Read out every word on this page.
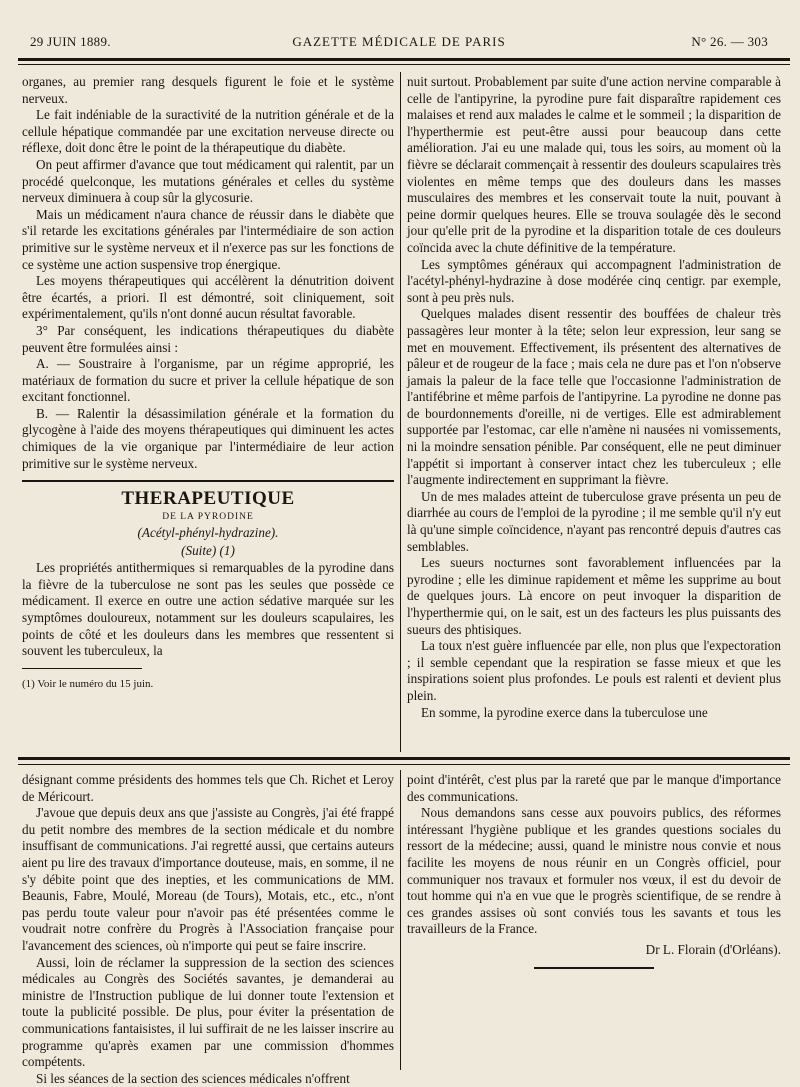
29 JUIN 1889.	GAZETTE MÉDICALE DE PARIS	N° 26. — 303

organes, au premier rang desquels figurent le foie et le système nerveux.

Le fait indéniable de la suractivité de la nutrition générale et de la cellule hépatique commandée par une excitation nerveuse directe ou réflexe, doit donc être le point de la thérapeutique du diabète.

On peut affirmer d'avance que tout médicament qui ralentit, par un procédé quelconque, les mutations générales et celles du système nerveux diminuera à coup sûr la glycosurie.

Mais un médicament n'aura chance de réussir dans le diabète que s'il retarde les excitations générales par l'intermédiaire de son action primitive sur le système nerveux et il n'exerce pas sur les fonctions de ce système une action suspensive trop énergique.

Les moyens thérapeutiques qui accélèrent la dénutrition doivent être écartés, a priori. Il est démontré, soit cliniquement, soit expérimentalement, qu'ils n'ont donné aucun résultat favorable.

3° Par conséquent, les indications thérapeutiques du diabète peuvent être formulées ainsi :

A. — Soustraire à l'organisme, par un régime approprié, les matériaux de formation du sucre et priver la cellule hépatique de son excitant fonctionnel.

B. — Ralentir la désassimilation générale et la formation du glycogène à l'aide des moyens thérapeutiques qui diminuent les actes chimiques de la vie organique par l'intermédiaire de leur action primitive sur le système nerveux.

THERAPEUTIQUE
DE LA PYRODINE
(Acétyl-phényl-hydrazine).
(Suite) (1)

Les propriétés antithermiques si remarquables de la pyrodine dans la fièvre de la tuberculose ne sont pas les seules que possède ce médicament. Il exerce en outre une action sédative marquée sur les symptômes douloureux, notamment sur les douleurs scapulaires, les points de côté et les douleurs dans les membres que ressentent si souvent les tuberculeux, la

(1) Voir le numéro du 15 juin.

nuit surtout. Probablement par suite d'une action nervine comparable à celle de l'antipyrine, la pyrodine pure fait disparaître rapidement ces malaises et rend aux malades le calme et le sommeil ; la disparition de l'hyperthermie est peut-être aussi pour beaucoup dans cette amélioration. J'ai eu une malade qui, tous les soirs, au moment où la fièvre se déclarait commençait à ressentir des douleurs scapulaires très violentes en même temps que des douleurs dans les masses musculaires des membres et les conservait toute la nuit, pouvant à peine dormir quelques heures. Elle se trouva soulagée dès le second jour qu'elle prit de la pyrodine et la disparition totale de ces douleurs coïncida avec la chute définitive de la température.

Les symptômes généraux qui accompagnent l'administration de l'acétyl-phényl-hydrazine à dose modérée cinq centigr. par exemple, sont à peu près nuls.

Quelques malades disent ressentir des bouffées de chaleur très passagères leur monter à la tête; selon leur expression, leur sang se met en mouvement. Effectivement, ils présentent des alternatives de pâleur et de rougeur de la face ; mais cela ne dure pas et l'on n'observe jamais la paleur de la face telle que l'occasionne l'administration de l'antifébrine et même parfois de l'antipyrine. La pyrodine ne donne pas de bourdonnements d'oreille, ni de vertiges. Elle est admirablement supportée par l'estomac, car elle n'amène ni nausées ni vomissements, ni la moindre sensation pénible. Par conséquent, elle ne peut diminuer l'appétit si important à conserver intact chez les tuberculeux ; elle l'augmente indirectement en supprimant la fièvre.

Un de mes malades atteint de tuberculose grave présenta un peu de diarrhée au cours de l'emploi de la pyrodine ; il me semble qu'il n'y eut là qu'une simple coïncidence, n'ayant pas rencontré depuis d'autres cas semblables.

Les sueurs nocturnes sont favorablement influencées par la pyrodine ; elle les diminue rapidement et même les supprime au bout de quelques jours. Là encore on peut invoquer la disparition de l'hyperthermie qui, on le sait, est un des facteurs les plus puissants des sueurs des phtisiques.

La toux n'est guère influencée par elle, non plus que l'expectoration ; il semble cependant que la respiration se fasse mieux et que les inspirations soient plus profondes. Le pouls est ralenti et devient plus plein.

En somme, la pyrodine exerce dans la tuberculose une

désignant comme présidents des hommes tels que Ch. Richet et Leroy de Méricourt.

J'avoue que depuis deux ans que j'assiste au Congrès, j'ai été frappé du petit nombre des membres de la section médicale et du nombre insuffisant de communications. J'ai regretté aussi, que certains auteurs aient pu lire des travaux d'importance douteuse, mais, en somme, il ne s'y débite point que des inepties, et les communications de MM. Beaunis, Fabre, Moulé, Moreau (de Tours), Motais, etc., etc., n'ont pas perdu toute valeur pour n'avoir pas été présentées comme le voudrait notre confrère du Progrès à l'Association française pour l'avancement des sciences, où n'importe qui peut se faire inscrire.

Aussi, loin de réclamer la suppression de la section des sciences médicales au Congrès des Sociétés savantes, je demanderai au ministre de l'Instruction publique de lui donner toute l'extension et toute la publicité possible. De plus, pour éviter la présentation de communications fantaisistes, il lui suffirait de ne les laisser inscrire au programme qu'après examen par une commission d'hommes compétents.

Si les séances de la section des sciences médicales n'offrent

point d'intérêt, c'est plus par la rareté que par le manque d'importance des communications.

Nous demandons sans cesse aux pouvoirs publics, des réformes intéressant l'hygiène publique et les grandes questions sociales du ressort de la médecine; aussi, quand le ministre nous convie et nous facilite les moyens de nous réunir en un Congrès officiel, pour communiquer nos travaux et formuler nos vœux, il est du devoir de tout homme qui n'a en vue que le progrès scientifique, de se rendre à ces grandes assises où sont conviés tous les savants et tous les travailleurs de la France.

Dr L. Florain (d'Orléans).
